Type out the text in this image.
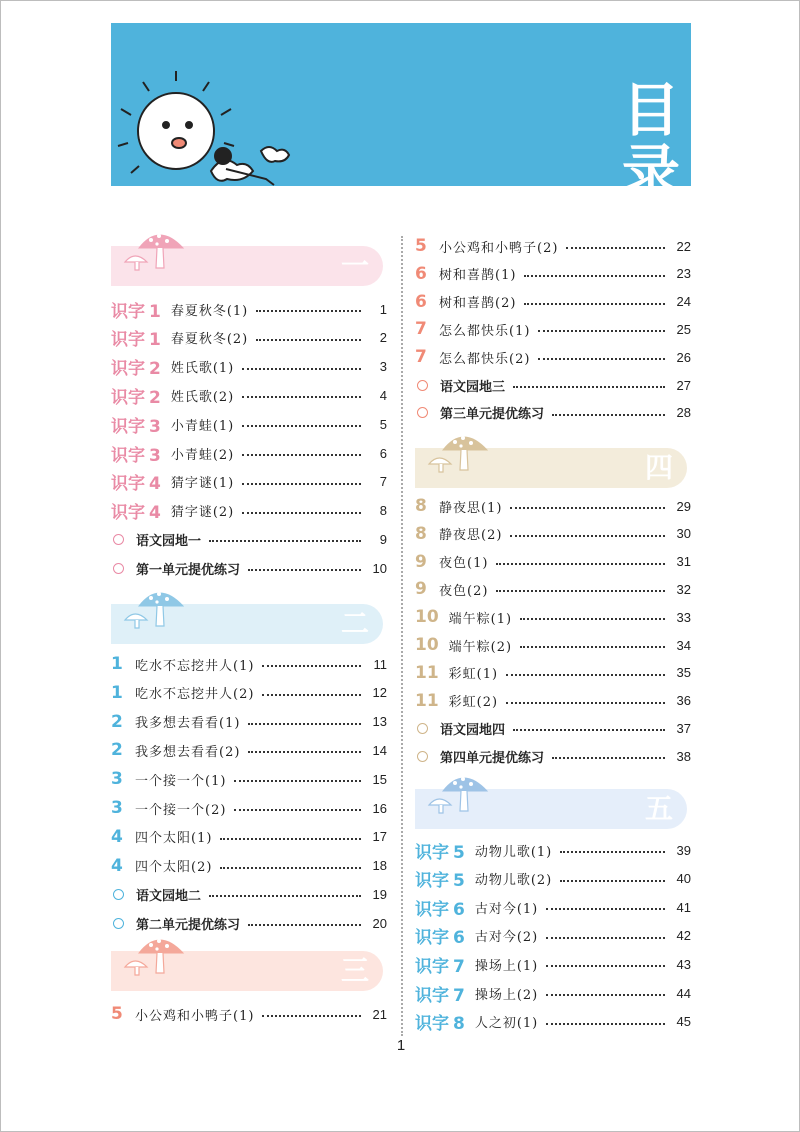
目
录
一
识字 1 春夏秋冬(1)	1
识字 1 春夏秋冬(2)	2
识字 2 姓氏歌(1)	3
识字 2 姓氏歌(2)	4
识字 3 小青蛙(1)	5
识字 3 小青蛙(2)	6
识字 4 猜字谜(1)	7
识字 4 猜字谜(2)	8
语文园地一	9
第一单元提优练习	10
二
1 吃水不忘挖井人(1)	11
1 吃水不忘挖井人(2)	12
2 我多想去看看(1)	13
2 我多想去看看(2)	14
3 一个接一个(1)	15
3 一个接一个(2)	16
4 四个太阳(1)	17
4 四个太阳(2)	18
语文园地二	19
第二单元提优练习	20
三
5 小公鸡和小鸭子(1)	21
5 小公鸡和小鸭子(2)	22
6 树和喜鹊(1)	23
6 树和喜鹊(2)	24
7 怎么都快乐(1)	25
7 怎么都快乐(2)	26
语文园地三	27
第三单元提优练习	28
四
8 静夜思(1)	29
8 静夜思(2)	30
9 夜色(1)	31
9 夜色(2)	32
10 端午粽(1)	33
10 端午粽(2)	34
11 彩虹(1)	35
11 彩虹(2)	36
语文园地四	37
第四单元提优练习	38
五
识字 5 动物儿歌(1)	39
识字 5 动物儿歌(2)	40
识字 6 古对今(1)	41
识字 6 古对今(2)	42
识字 7 操场上(1)	43
识字 7 操场上(2)	44
识字 8 人之初(1)	45
1
